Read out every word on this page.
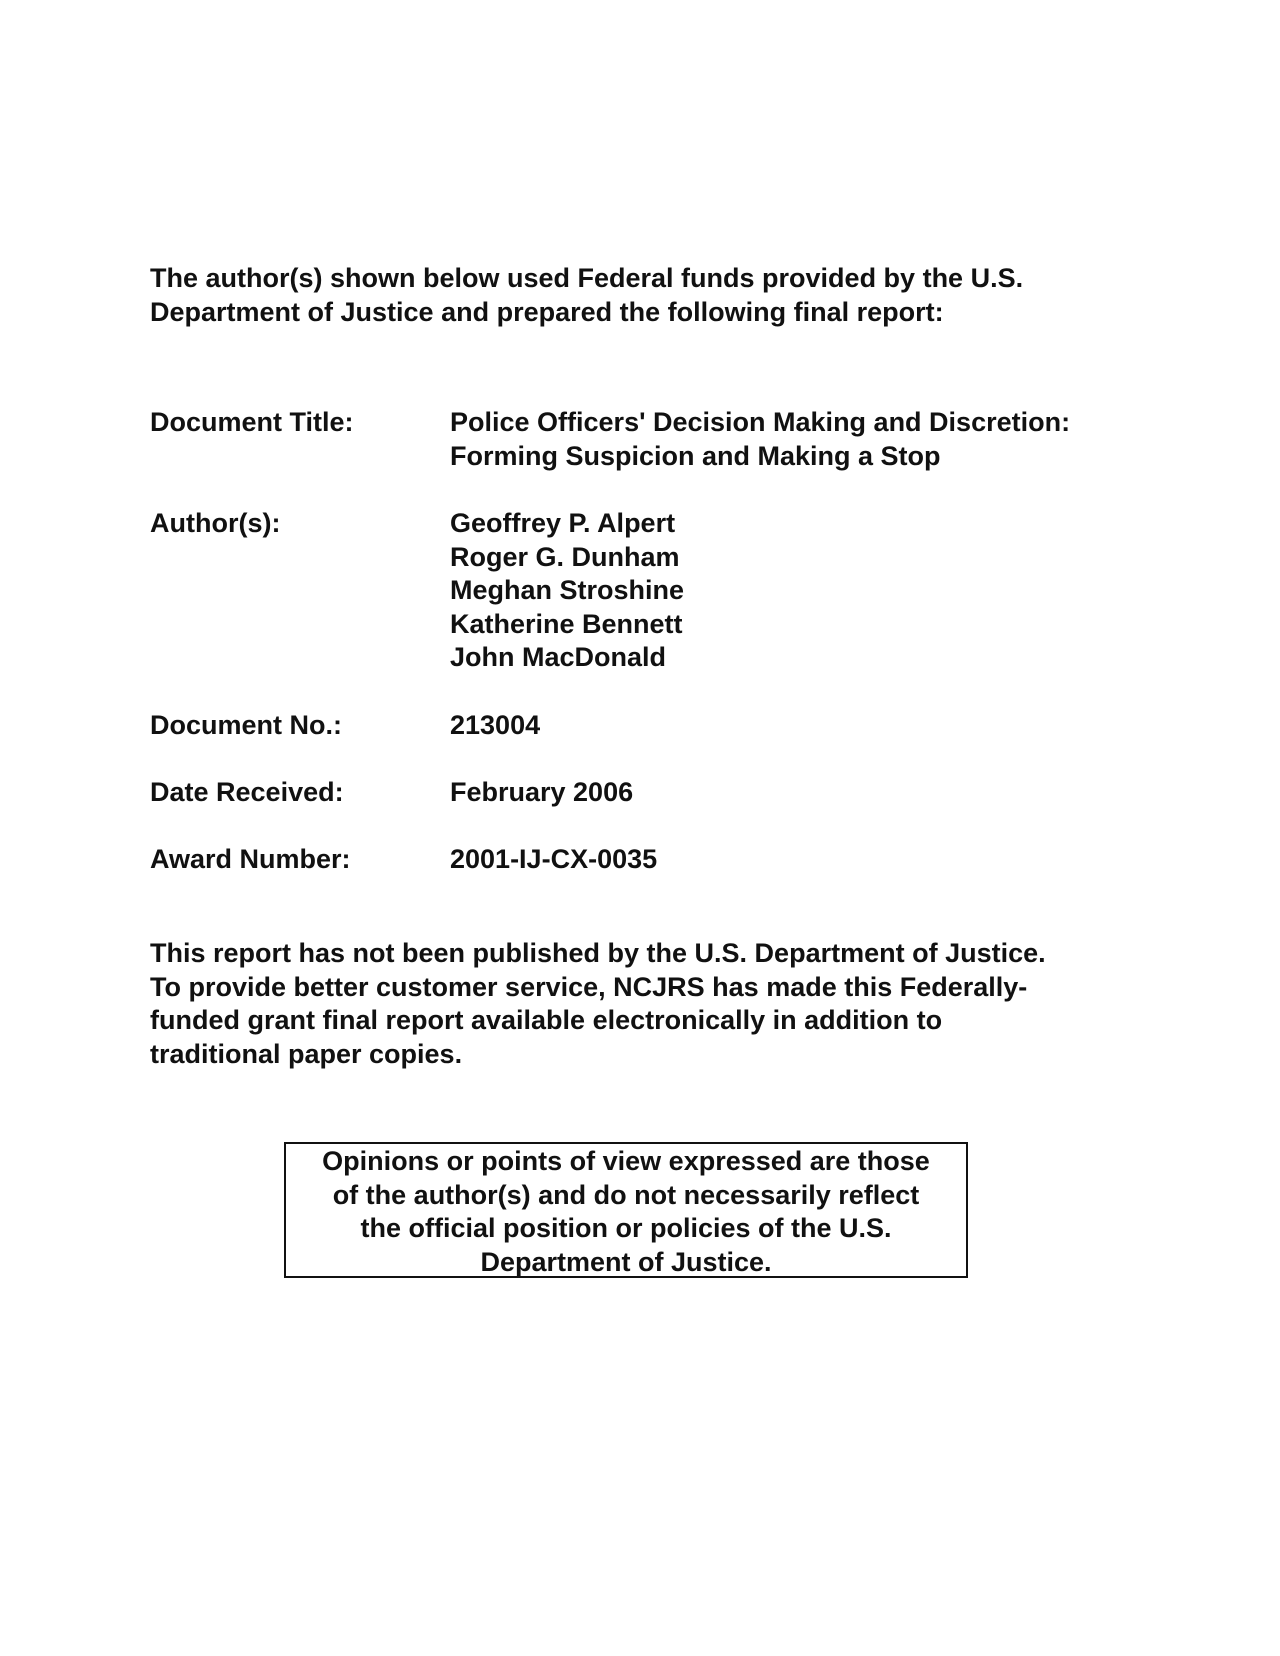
The author(s) shown below used Federal funds provided by the U.S.
Department of Justice and prepared the following final report:
Document Title:	Police Officers' Decision Making and Discretion:
Forming Suspicion and Making a Stop
Author(s):	Geoffrey P. Alpert
Roger G. Dunham
Meghan Stroshine
Katherine Bennett
John MacDonald
Document No.:	213004
Date Received:	February 2006
Award Number:	2001-IJ-CX-0035
This report has not been published by the U.S. Department of Justice.
To provide better customer service, NCJRS has made this Federally-
funded grant final report available electronically in addition to
traditional paper copies.
Opinions or points of view expressed are those
of the author(s) and do not necessarily reflect
the official position or policies of the U.S.
Department of Justice.
